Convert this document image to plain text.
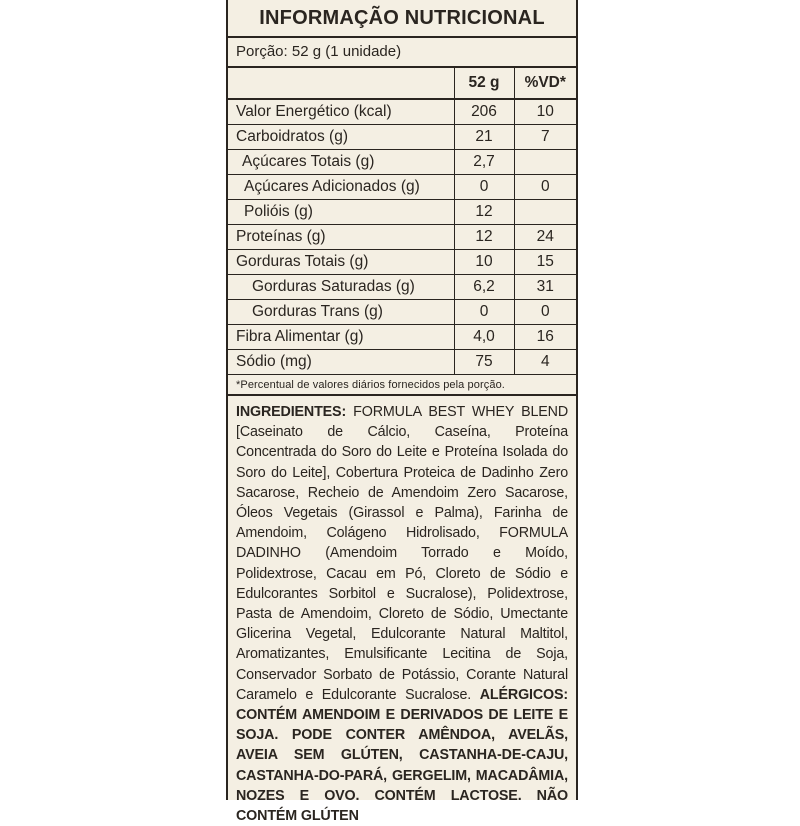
INFORMAÇÃO NUTRICIONAL
Porção: 52 g (1 unidade)
	52 g	%VD*
Valor Energético (kcal)	206	10
Carboidratos (g)	21	7
Açúcares Totais (g)	2,7	
Açúcares Adicionados (g)	0	0
Polióis (g)	12	
Proteínas (g)	12	24
Gorduras Totais (g)	10	15
Gorduras Saturadas (g)	6,2	31
Gorduras Trans (g)	0	0
Fibra Alimentar (g)	4,0	16
Sódio (mg)	75	4
*Percentual de valores diários fornecidos pela porção.
INGREDIENTES: FORMULA BEST WHEY BLEND [Caseinato de Cálcio, Caseína, Proteína Concentrada do Soro do Leite e Proteína Isolada do Soro do Leite], Cobertura Proteica de Dadinho Zero Sacarose, Recheio de Amendoim Zero Sacarose, Óleos Vegetais (Girassol e Palma), Farinha de Amendoim, Colágeno Hidrolisado, FORMULA DADINHO (Amendoim Torrado e Moído, Polidextrose, Cacau em Pó, Cloreto de Sódio e Edulcorantes Sorbitol e Sucralose), Polidextrose, Pasta de Amendoim, Cloreto de Sódio, Umectante Glicerina Vegetal, Edulcorante Natural Maltitol, Aromatizantes, Emulsificante Lecitina de Soja, Conservador Sorbato de Potássio, Corante Natural Caramelo e Edulcorante Sucralose. ALÉRGICOS: CONTÉM AMENDOIM E DERIVADOS DE LEITE E SOJA. PODE CONTER AMÊNDOA, AVELÃS, AVEIA SEM GLÚTEN, CASTANHA-DE-CAJU, CASTANHA-DO-PARÁ, GERGELIM, MACADÂMIA, NOZES E OVO. CONTÉM LACTOSE. NÃO CONTÉM GLÚTEN
